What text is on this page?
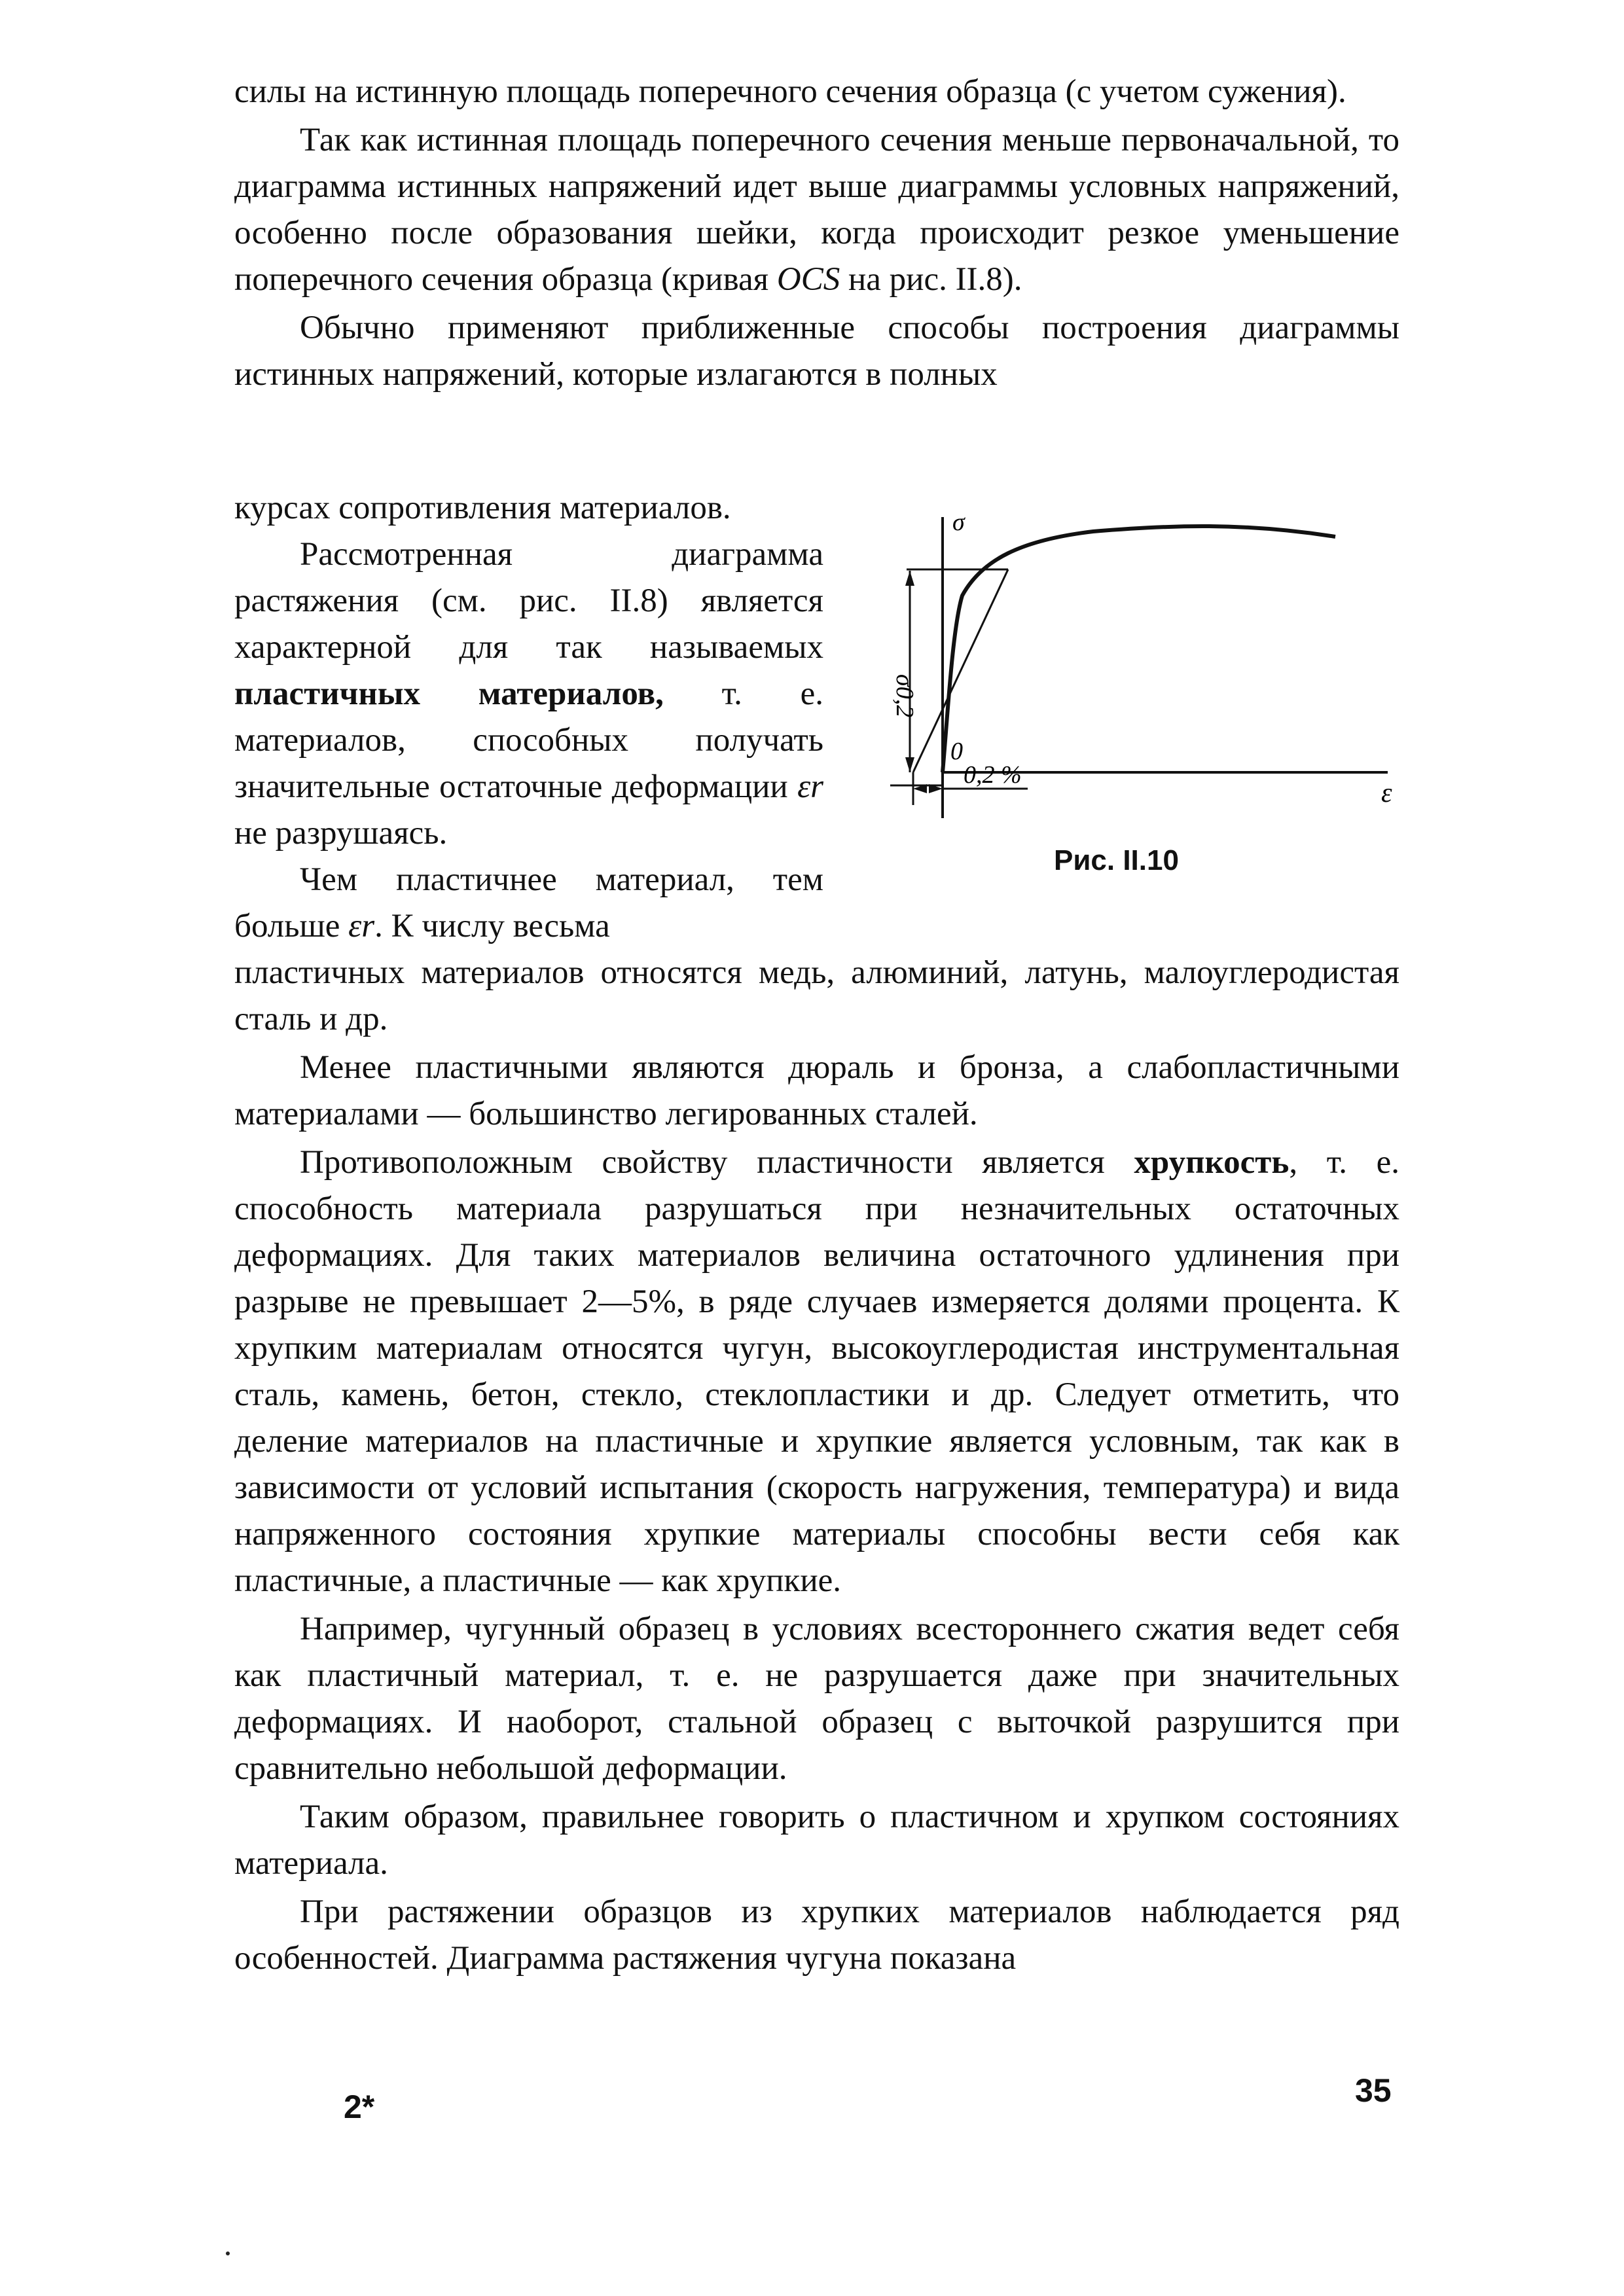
силы на истинную площадь поперечного сечения образца (с учетом сужения).

Так как истинная площадь поперечного сечения меньше первоначальной, то диаграмма истинных напряжений идет выше диаграммы условных напряжений, особенно после образования шейки, когда происходит резкое уменьшение поперечного сечения образца (кривая OCS на рис. II.8).

Обычно применяют приближенные способы построения диаграммы истинных напряжений, которые излагаются в полных

курсах сопротивления материалов.

Рассмотренная диаграмма растяжения (см. рис. II.8) является характерной для так называемых пластичных материалов, т. е. материалов, способных получать значительные остаточные деформации εr не разрушаясь.

Чем пластичнее материал, тем больше εr. К числу весьма

σ
ε
0
0,2 %
σ0,2
Рис. II.10

пластичных материалов относятся медь, алюминий, латунь, малоуглеродистая сталь и др.

Менее пластичными являются дюраль и бронза, а слабопластичными материалами — большинство легированных сталей.

Противоположным свойству пластичности является хрупкость, т. е. способность материала разрушаться при незначительных остаточных деформациях. Для таких материалов величина остаточного удлинения при разрыве не превышает 2—5%, в ряде случаев измеряется долями процента. К хрупким материалам относятся чугун, высокоуглеродистая инструментальная сталь, камень, бетон, стекло, стеклопластики и др. Следует отметить, что деление материалов на пластичные и хрупкие является условным, так как в зависимости от условий испытания (скорость нагружения, температура) и вида напряженного состояния хрупкие материалы способны вести себя как пластичные, а пластичные — как хрупкие.

Например, чугунный образец в условиях всестороннего сжатия ведет себя как пластичный материал, т. е. не разрушается даже при значительных деформациях. И наоборот, стальной образец с выточкой разрушится при сравнительно небольшой деформации.

Таким образом, правильнее говорить о пластичном и хрупком состояниях материала.

При растяжении образцов из хрупких материалов наблюдается ряд особенностей. Диаграмма растяжения чугуна показана

2*	35
